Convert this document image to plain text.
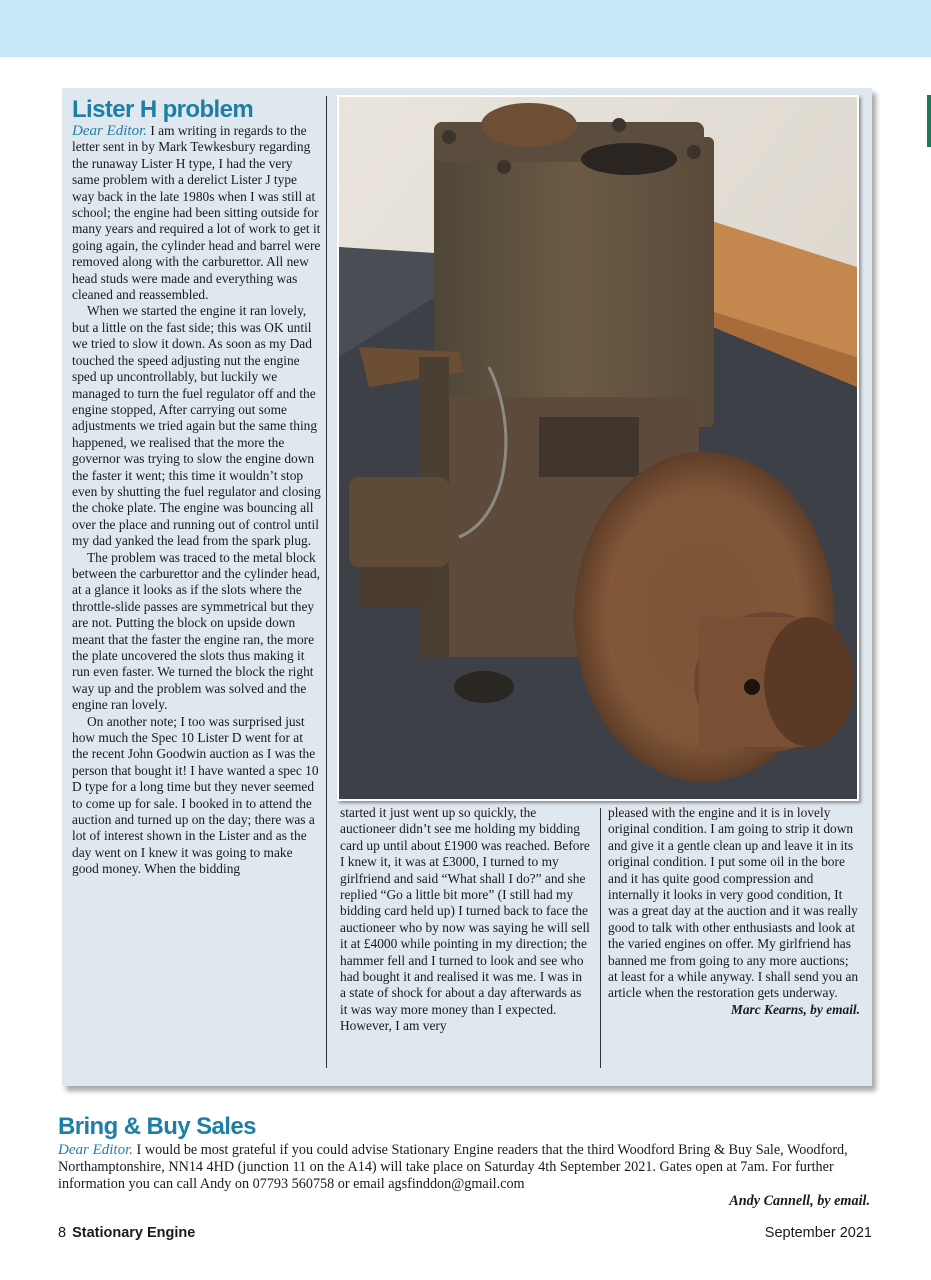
Lister H problem

Dear Editor. I am writing in regards to the letter sent in by Mark Tewkesbury regarding the runaway Lister H type, I had the very same problem with a derelict Lister J type way back in the late 1980s when I was still at school; the engine had been sitting outside for many years and required a lot of work to get it going again, the cylinder head and barrel were removed along with the carburettor. All new head studs were made and everything was cleaned and reassembled.

When we started the engine it ran lovely, but a little on the fast side; this was OK until we tried to slow it down. As soon as my Dad touched the speed adjusting nut the engine sped up uncontrollably, but luckily we managed to turn the fuel regulator off and the engine stopped, After carrying out some adjustments we tried again but the same thing happened, we realised that the more the governor was trying to slow the engine down the faster it went; this time it wouldn’t stop even by shutting the fuel regulator and closing the choke plate. The engine was bouncing all over the place and running out of control until my dad yanked the lead from the spark plug.

The problem was traced to the metal block between the carburettor and the cylinder head, at a glance it looks as if the slots where the throttle-slide passes are symmetrical but they are not. Putting the block on upside down meant that the faster the engine ran, the more the plate uncovered the slots thus making it run even faster. We turned the block the right way up and the problem was solved and the engine ran lovely.

On another note; I too was surprised just how much the Spec 10 Lister D went for at the recent John Goodwin auction as I was the person that bought it! I have wanted a spec 10 D type for a long time but they never seemed to come up for sale. I booked in to attend the auction and turned up on the day; there was a lot of interest shown in the Lister and as the day went on I knew it was going to make good money. When the bidding

started it just went up so quickly, the auctioneer didn’t see me holding my bidding card up until about £1900 was reached. Before I knew it, it was at £3000, I turned to my girlfriend and said “What shall I do?” and she replied “Go a little bit more” (I still had my bidding card held up) I turned back to face the auctioneer who by now was saying he will sell it at £4000 while pointing in my direction; the hammer fell and I turned to look and see who had bought it and realised it was me. I was in a state of shock for about a day afterwards as it was way more money than I expected. However, I am very

pleased with the engine and it is in lovely original condition. I am going to strip it down and give it a gentle clean up and leave it in its original condition. I put some oil in the bore and it has quite good compression and internally it looks in very good condition, It was a great day at the auction and it was really good to talk with other enthusiasts and look at the varied engines on offer. My girlfriend has banned me from going to any more auctions; at least for a while anyway. I shall send you an article when the restoration gets underway.

Marc Kearns, by email.

Bring & Buy Sales

Dear Editor. I would be most grateful if you could advise Stationary Engine readers that the third Woodford Bring & Buy Sale, Woodford, Northamptonshire, NN14 4HD (junction 11 on the A14) will take place on Saturday 4th September 2021. Gates open at 7am. For further information you can call Andy on 07793 560758 or email agsfinddon@gmail.com

Andy Cannell, by email.

8 Stationary Engine	September 2021
